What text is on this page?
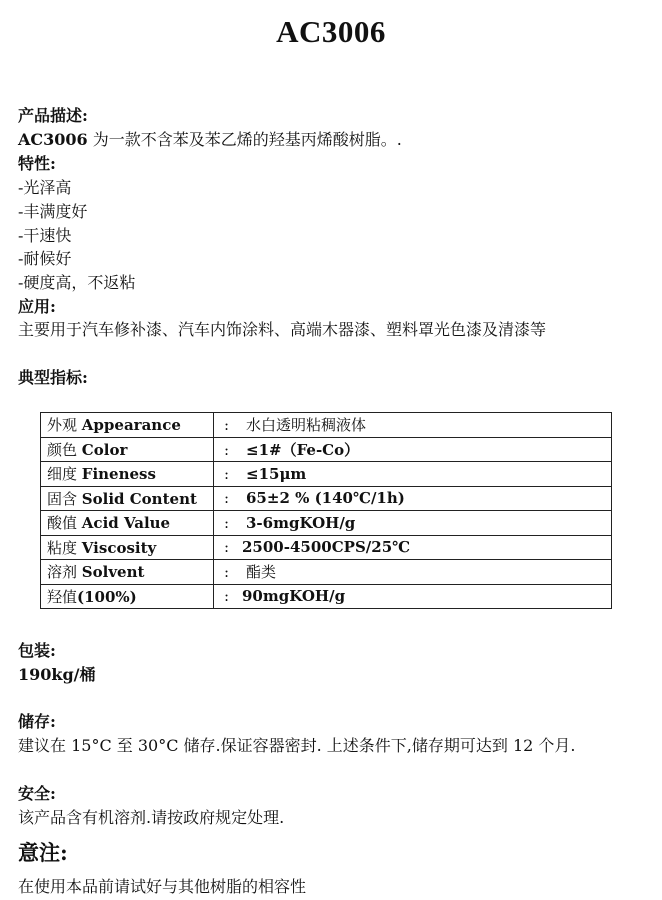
AC3006
产品描述:
AC3006 为一款不含苯及苯乙烯的羟基丙烯酸树脂。.
特性:
-光泽高
-丰满度好
-干速快
-耐候好
-硬度高，不返粘
应用:
主要用于汽车修补漆、汽车内饰涂料、高端木器漆、塑料罩光色漆及清漆等
典型指标:
外观 Appearance	: 水白透明粘稠液体
颜色 Color	: ≤1#（Fe-Co）
细度 Fineness	: ≤15μm
固含 Solid Content	: 65±2 % (140℃/1h)
酸值 Acid Value	: 3-6mgKOH/g
粘度 Viscosity	: 2500-4500CPS/25℃
溶剂 Solvent	: 酯类
羟值(100%)	: 90mgKOH/g
包装:
190kg/桶
储存:
建议在 15°C 至 30°C 储存.保证容器密封. 上述条件下,储存期可达到 12 个月.
安全:
该产品含有机溶剂.请按政府规定处理.
意注:
在使用本品前请试好与其他树脂的相容性
